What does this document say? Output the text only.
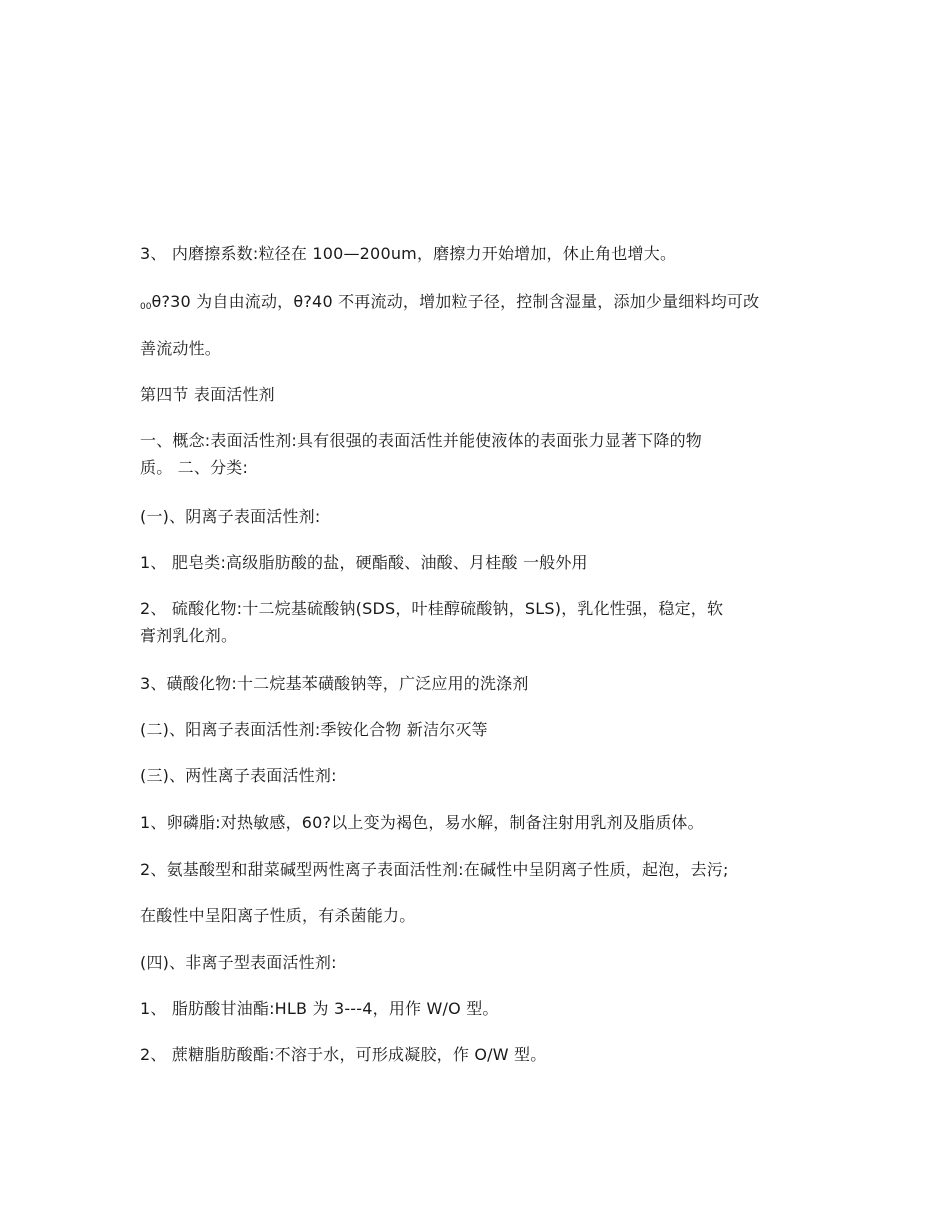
3、 内磨擦系数:粒径在 100—200um，磨擦力开始增加，休止角也增大。
$_{00}$θ?30 为自由流动，θ?40 不再流动，增加粒子径，控制含湿量，添加少量细料均可改
善流动性。
第四节 表面活性剂
一、概念:表面活性剂:具有很强的表面活性并能使液体的表面张力显著下降的物
质。 二、分类:
(一)、阴离子表面活性剂:
1、 肥皂类:高级脂肪酸的盐，硬酯酸、油酸、月桂酸 一般外用
2、 硫酸化物:十二烷基硫酸钠(SDS，叶桂醇硫酸钠，SLS)，乳化性强，稳定，软
膏剂乳化剂。
3、磺酸化物:十二烷基苯磺酸钠等，广泛应用的洗涤剂
(二)、阳离子表面活性剂:季铵化合物 新洁尔灭等
(三)、两性离子表面活性剂:
1、卵磷脂:对热敏感，60?以上变为褐色，易水解，制备注射用乳剂及脂质体。
2、氨基酸型和甜菜碱型两性离子表面活性剂:在碱性中呈阴离子性质，起泡，去污;
在酸性中呈阳离子性质，有杀菌能力。
(四)、非离子型表面活性剂:
1、 脂肪酸甘油酯:HLB 为 3---4，用作 W/O 型。
2、 蔗糖脂肪酸酯:不溶于水，可形成凝胶，作 O/W 型。
